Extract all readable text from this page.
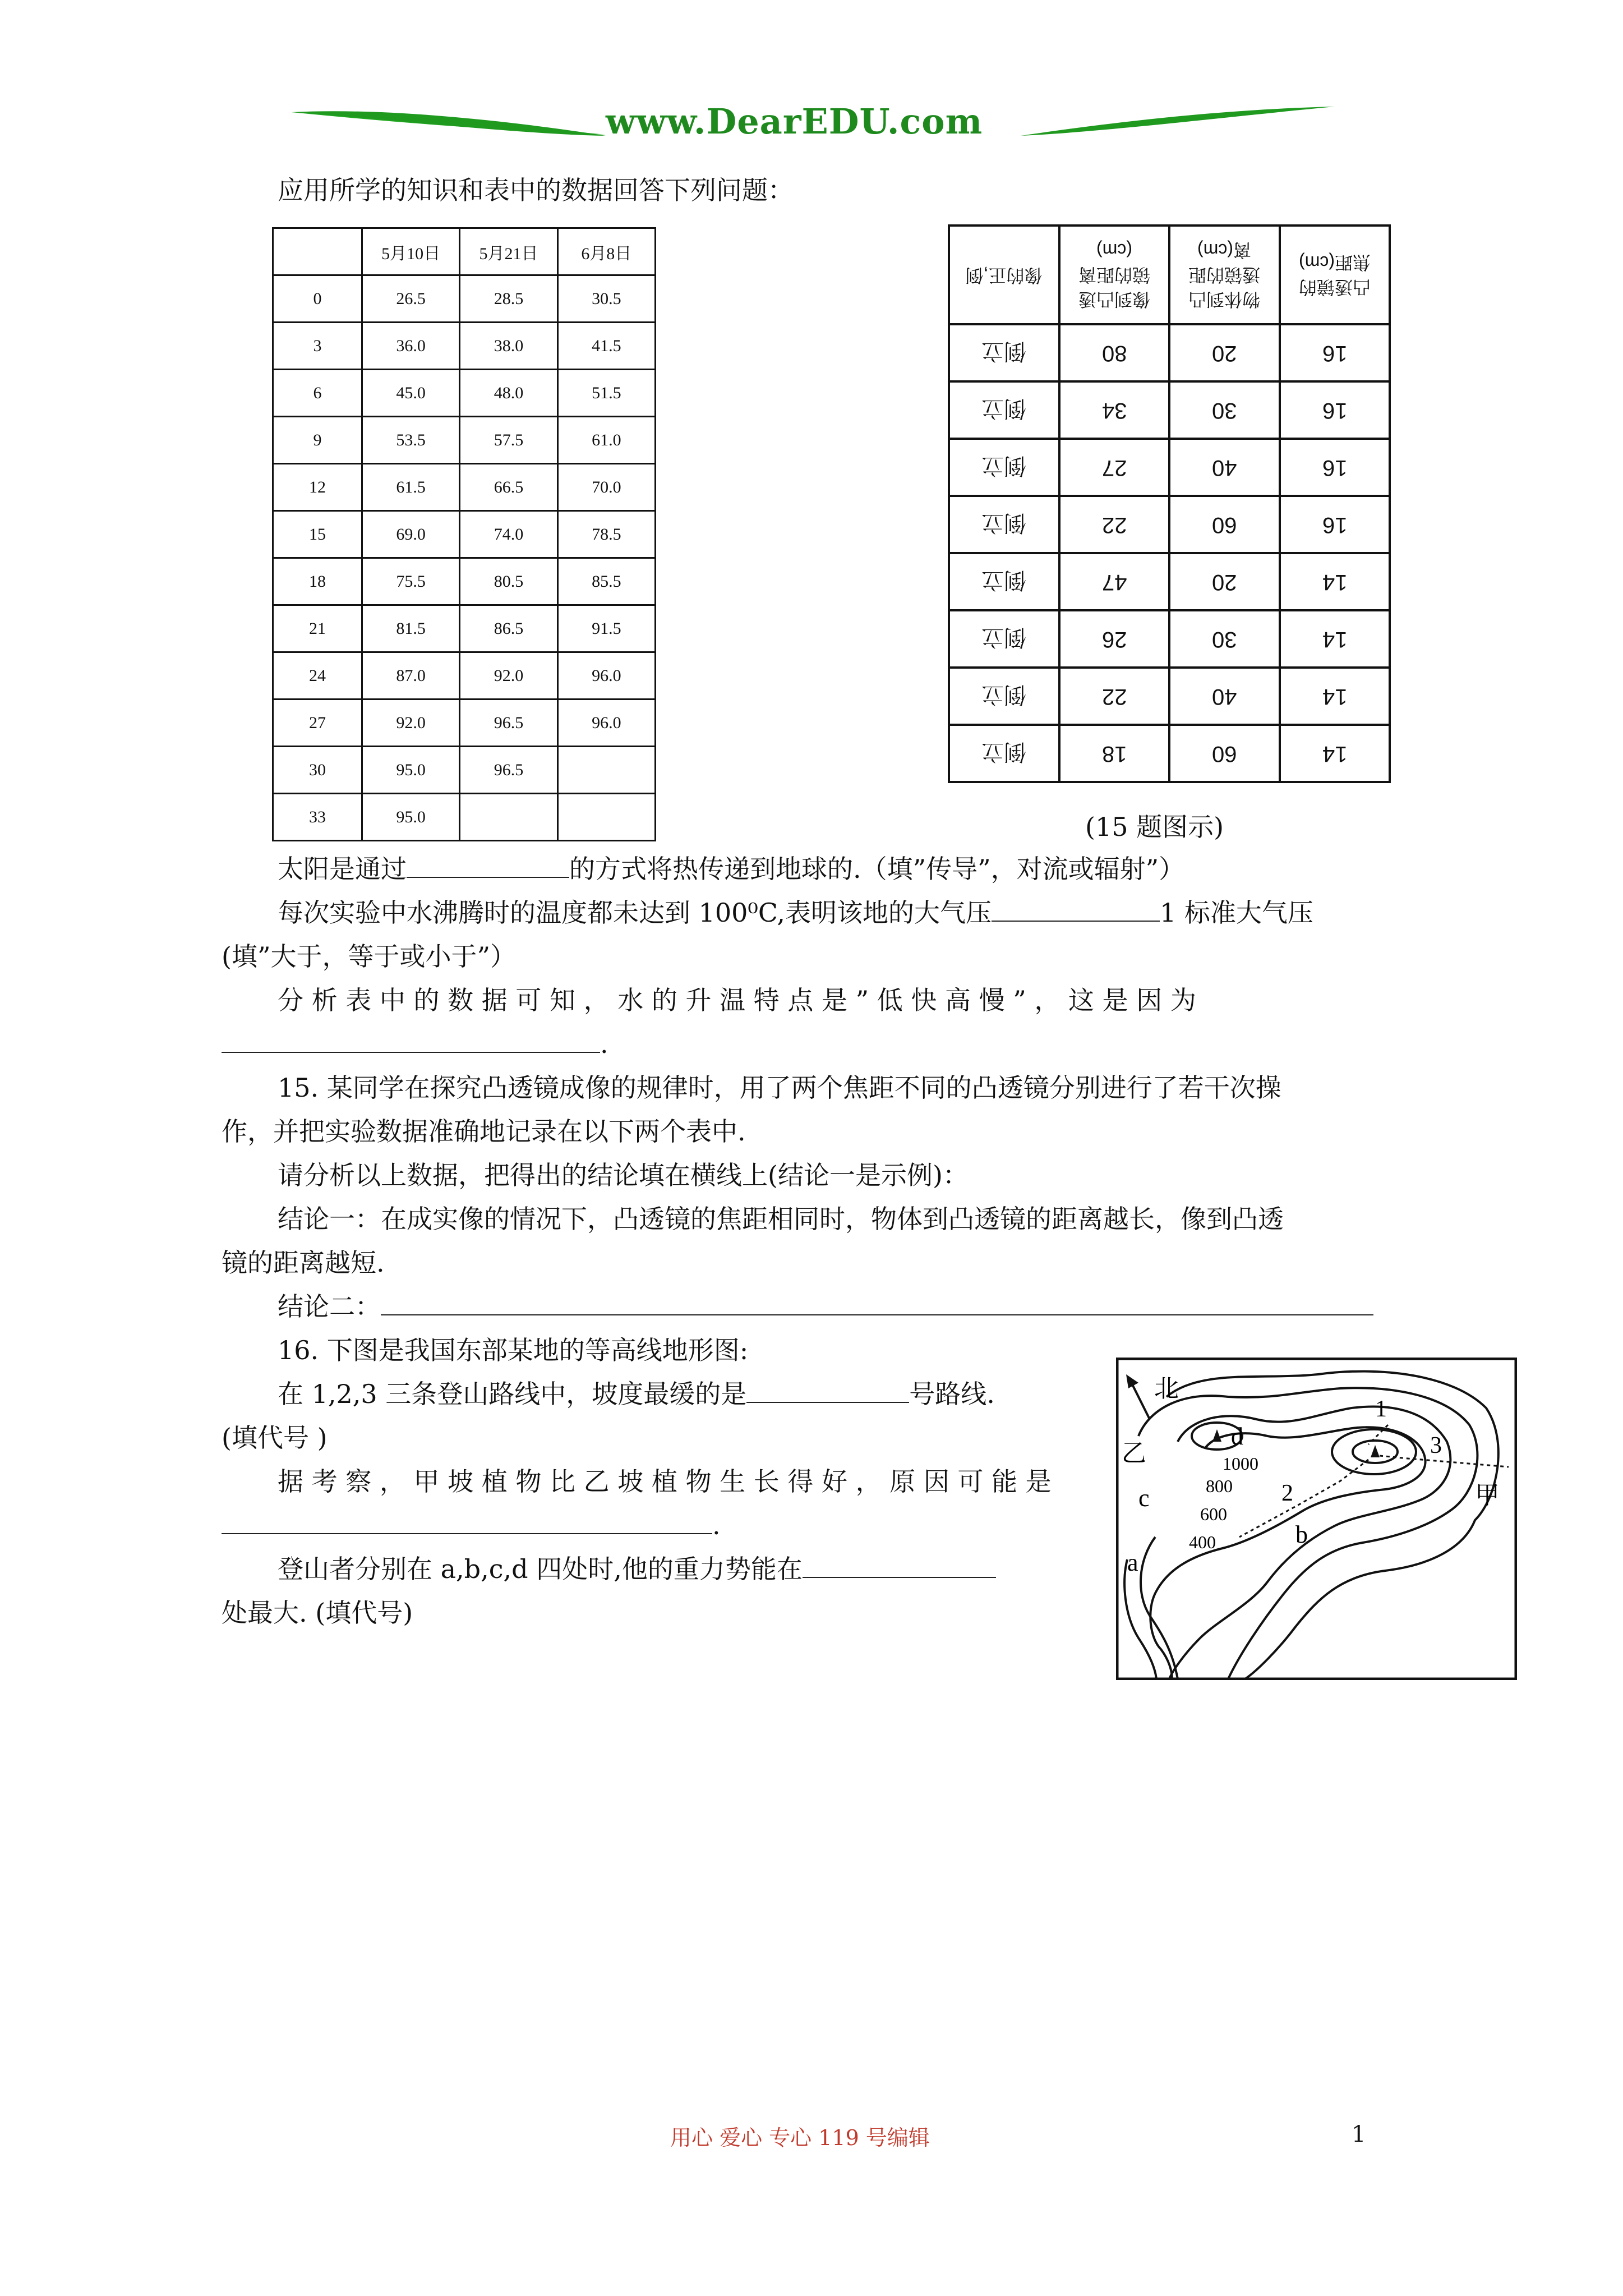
www.DearEDU.com
应用所学的知识和表中的数据回答下列问题：
	5月10日	5月21日	6月8日
0	26.5	28.5	30.5
3	36.0	38.0	41.5
6	45.0	48.0	51.5
9	53.5	57.5	61.0
12	61.5	66.5	70.0
15	69.0	74.0	78.5
18	75.5	80.5	85.5
21	81.5	86.5	91.5
24	87.0	92.0	96.0
27	92.0	96.5	96.0
30	95.0	96.5	
33	95.0		
像的正,倒	像到凸透镜的距离(cm)	物体到凸透镜的距离(cm)	凸透镜的焦距(cm)
倒立	80	20	16
倒立	34	30	16
倒立	27	40	16
倒立	22	60	16
倒立	47	20	14
倒立	26	30	14
倒立	22	40	14
倒立	18	60	14
(15 题图示)
太阳是通过	的方式将热传递到地球的.（填”传导”，对流或辐射”）
每次实验中水沸腾时的温度都未达到 100⁰C,表明该地的大气压	1 标准大气压
(填”大于，等于或小于”）
分 析 表 中 的 数 据 可 知 ， 水 的 升 温 特 点 是 ” 低 快 高 慢 ” ， 这 是 因 为
.
15. 某同学在探究凸透镜成像的规律时，用了两个焦距不同的凸透镜分别进行了若干次操
作，并把实验数据准确地记录在以下两个表中.
请分析以上数据，把得出的结论填在横线上(结论一是示例)：
结论一：在成实像的情况下，凸透镜的焦距相同时，物体到凸透镜的距离越长，像到凸透
镜的距离越短.
结论二：
16. 下图是我国东部某地的等高线地形图:
在 1,2,3 三条登山路线中，坡度最缓的是	号路线.
(填代号 )
据 考 察 ， 甲 坡 植 物 比 乙 坡 植 物 生 长 得 好 ， 原 因 可 能 是
.
登山者分别在 a,b,c,d 四处时,他的重力势能在
处最大. (填代号)
北
乙
甲
d
c
b
a
1
2
3
1000
800
600
400
用心 爱心 专心 119 号编辑	1
